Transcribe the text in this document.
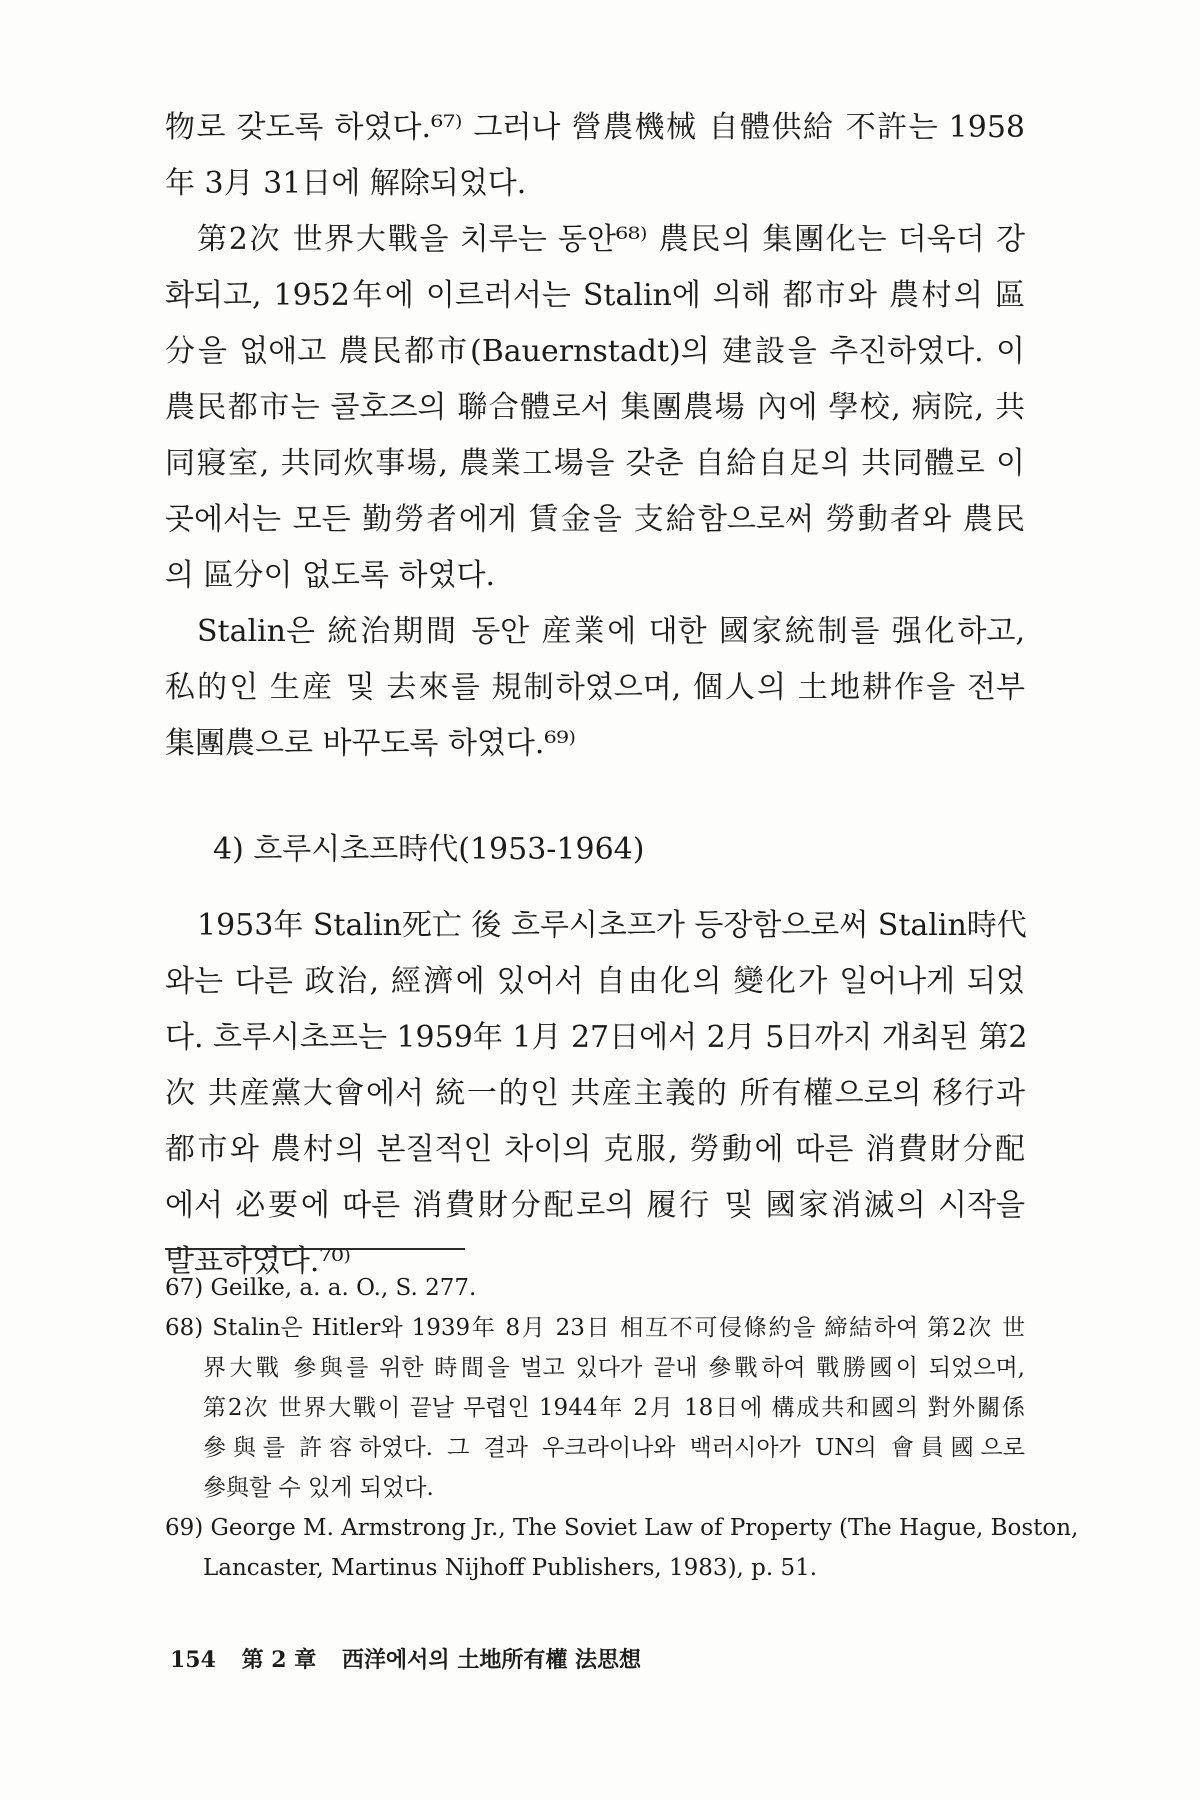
物로 갖도록 하였다.⁶⁷⁾ 그러나 營農機械 自體供給 不許는 1958
年 3月 31日에 解除되었다.
第2次 世界大戰을 치루는 동안⁶⁸⁾ 農民의 集團化는 더욱더 강
화되고, 1952年에 이르러서는 Stalin에 의해 都市와 農村의 區
分을 없애고 農民都市(Bauernstadt)의 建設을 추진하였다. 이
農民都市는 콜호즈의 聯合體로서 集團農場 內에 學校, 病院, 共
同寢室, 共同炊事場, 農業工場을 갖춘 自給自足의 共同體로 이
곳에서는 모든 勤勞者에게 賃金을 支給함으로써 勞動者와 農民
의 區分이 없도록 하였다.
Stalin은 統治期間 동안 産業에 대한 國家統制를 强化하고,
私的인 生産 및 去來를 規制하였으며, 個人의 土地耕作을 전부
集團農으로 바꾸도록 하였다.⁶⁹⁾
4) 흐루시초프時代(1953-1964)
1953年 Stalin死亡 後 흐루시초프가 등장함으로써 Stalin時代
와는 다른 政治, 經濟에 있어서 自由化의 變化가 일어나게 되었
다. 흐루시초프는 1959年 1月 27日에서 2月 5日까지 개최된 第2
次 共産黨大會에서 統一的인 共産主義的 所有權으로의 移行과
都市와 農村의 본질적인 차이의 克服, 勞動에 따른 消費財分配
에서 必要에 따른 消費財分配로의 履行 및 國家消滅의 시작을
발표하였다.⁷⁰⁾
67) Geilke, a. a. O., S. 277.
68) Stalin은 Hitler와 1939年 8月 23日 相互不可侵條約을 締結하여 第2次 世
界大戰 參與를 위한 時間을 벌고 있다가 끝내 參戰하여 戰勝國이 되었으며,
第2次 世界大戰이 끝날 무렵인 1944年 2月 18日에 構成共和國의 對外關係
參與를 許容하였다. 그 결과 우크라이나와 백러시아가 UN의 會員國으로
參與할 수 있게 되었다.
69) George M. Armstrong Jr., The Soviet Law of Property (The Hague, Boston,
Lancaster, Martinus Nijhoff Publishers, 1983), p. 51.
154 第 2 章 西洋에서의 土地所有權 法思想
